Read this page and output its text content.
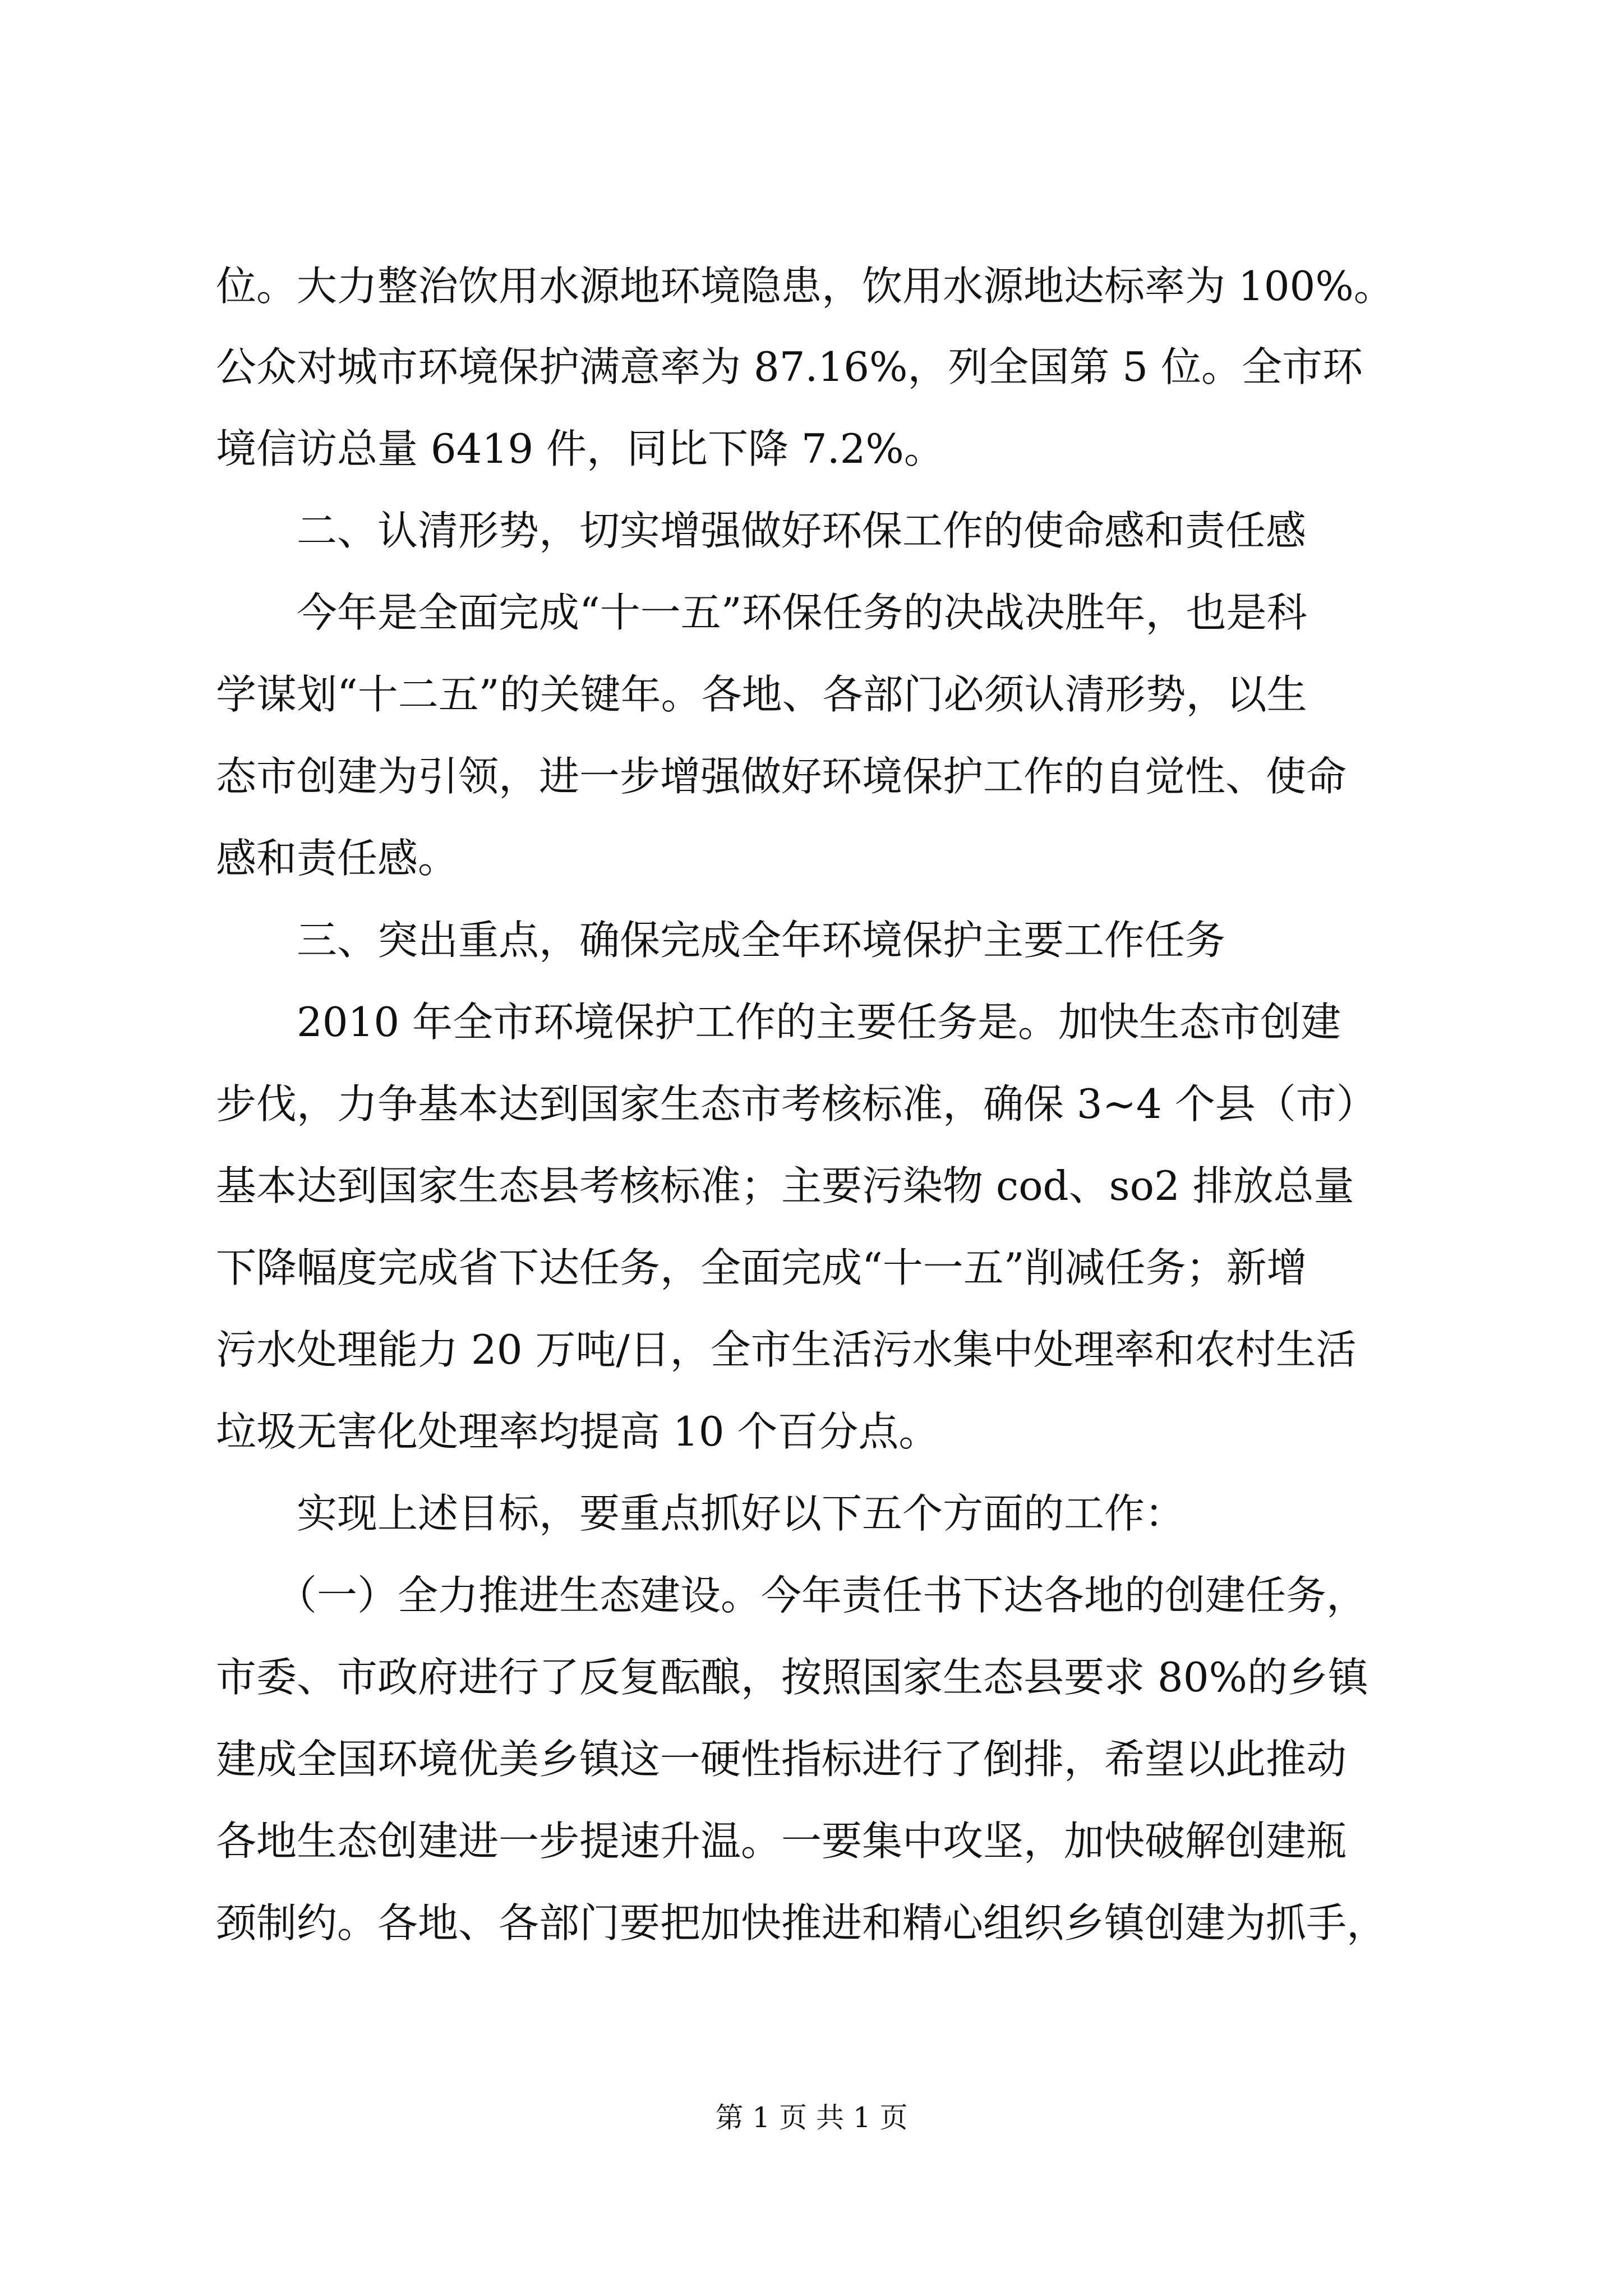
位。大力整治饮用水源地环境隐患，饮用水源地达标率为 100%。
公众对城市环境保护满意率为 87.16%，列全国第 5 位。全市环
境信访总量 6419 件，同比下降 7.2%。
　　二、认清形势，切实增强做好环保工作的使命感和责任感
　　今年是全面完成“十一五”环保任务的决战决胜年，也是科
学谋划“十二五”的关键年。各地、各部门必须认清形势，以生
态市创建为引领，进一步增强做好环境保护工作的自觉性、使命
感和责任感。
　　三、突出重点，确保完成全年环境保护主要工作任务
　　2010 年全市环境保护工作的主要任务是。加快生态市创建
步伐，力争基本达到国家生态市考核标准，确保 3~4 个县（市）
基本达到国家生态县考核标准；主要污染物 cod、so2 排放总量
下降幅度完成省下达任务，全面完成“十一五”削减任务；新增
污水处理能力 20 万吨/日，全市生活污水集中处理率和农村生活
垃圾无害化处理率均提高 10 个百分点。
　　实现上述目标，要重点抓好以下五个方面的工作：
　　（一）全力推进生态建设。今年责任书下达各地的创建任务，
市委、市政府进行了反复酝酿，按照国家生态县要求 80%的乡镇
建成全国环境优美乡镇这一硬性指标进行了倒排，希望以此推动
各地生态创建进一步提速升温。一要集中攻坚，加快破解创建瓶
颈制约。各地、各部门要把加快推进和精心组织乡镇创建为抓手，
第 1 页 共 1 页
